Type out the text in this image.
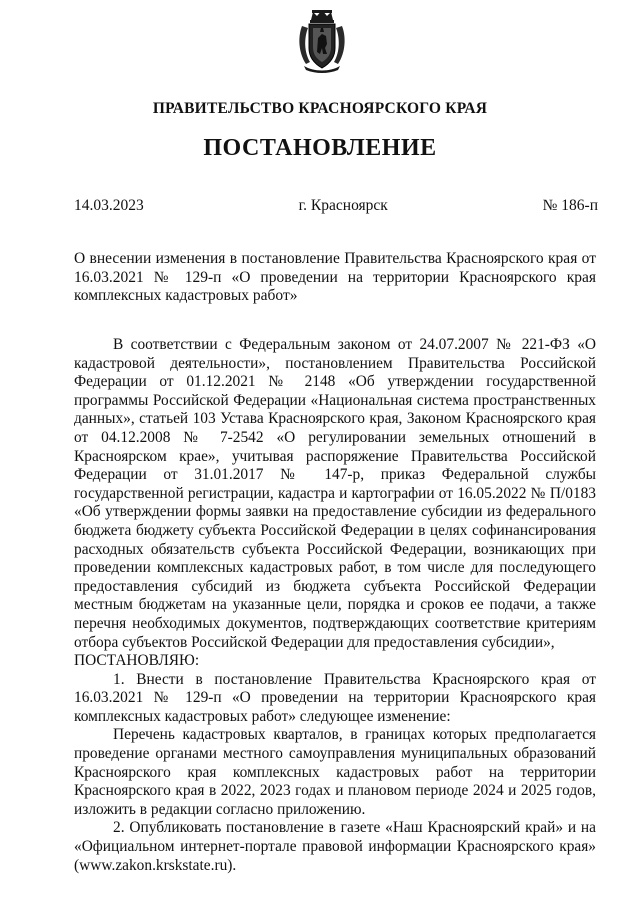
ПРАВИТЕЛЬСТВО КРАСНОЯРСКОГО КРАЯ
ПОСТАНОВЛЕНИЕ
14.03.2023	г. Красноярск	№ 186-п
О внесении изменения в постановление Правительства Красноярского края от 16.03.2021 № 129-п «О проведении на территории Красноярского края комплексных кадастровых работ»

В соответствии с Федеральным законом от 24.07.2007 № 221-ФЗ «О кадастровой деятельности», постановлением Правительства Российской Федерации от 01.12.2021 № 2148 «Об утверждении государственной программы Российской Федерации «Национальная система пространственных данных», статьей 103 Устава Красноярского края, Законом Красноярского края от 04.12.2008 № 7-2542 «О регулировании земельных отношений в Красноярском крае», учитывая распоряжение Правительства Российской Федерации от 31.01.2017 № 147-р, приказ Федеральной службы государственной регистрации, кадастра и картографии от 16.05.2022 № П/0183 «Об утверждении формы заявки на предоставление субсидии из федерального бюджета бюджету субъекта Российской Федерации в целях софинансирования расходных обязательств субъекта Российской Федерации, возникающих при проведении комплексных кадастровых работ, в том числе для последующего предоставления субсидий из бюджета субъекта Российской Федерации местным бюджетам на указанные цели, порядка и сроков ее подачи, а также перечня необходимых документов, подтверждающих соответствие критериям отбора субъектов Российской Федерации для предоставления субсидии»,

ПОСТАНОВЛЯЮ:

1. Внести в постановление Правительства Красноярского края от 16.03.2021 № 129-п «О проведении на территории Красноярского края комплексных кадастровых работ» следующее изменение:

Перечень кадастровых кварталов, в границах которых предполагается проведение органами местного самоуправления муниципальных образований Красноярского края комплексных кадастровых работ на территории Красноярского края в 2022, 2023 годах и плановом периоде 2024 и 2025 годов, изложить в редакции согласно приложению.

2. Опубликовать постановление в газете «Наш Красноярский край» и на «Официальном интернет-портале правовой информации Красноярского края» (www.zakon.krskstate.ru).
